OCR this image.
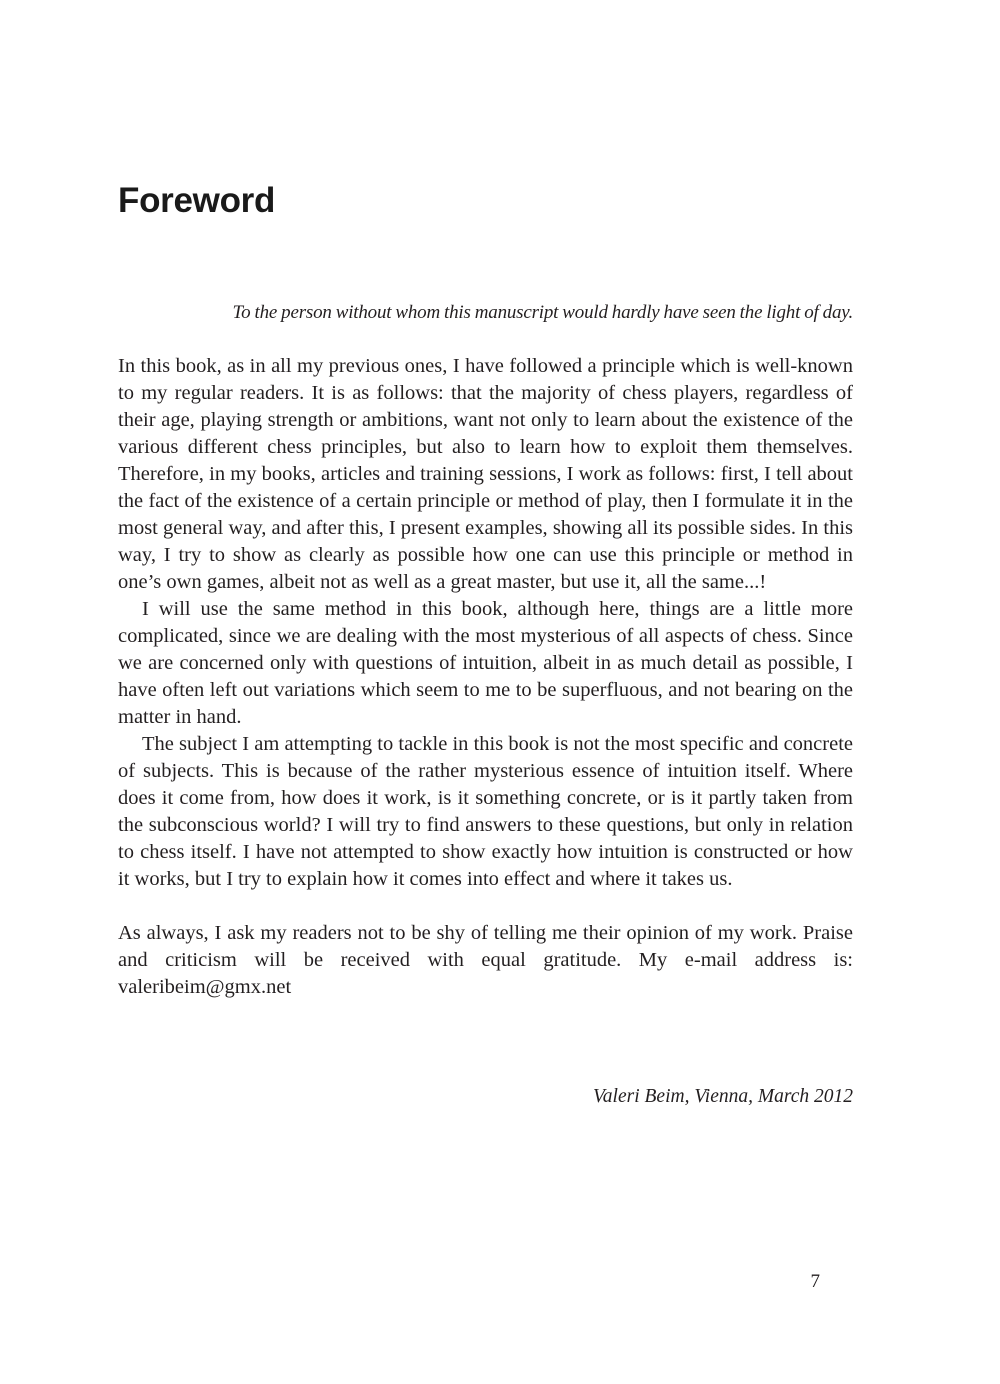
Foreword

To the person without whom this manuscript would hardly have seen the light of day.

In this book, as in all my previous ones, I have followed a principle which is well-known to my regular readers. It is as follows: that the majority of chess players, regardless of their age, playing strength or ambitions, want not only to learn about the existence of the various different chess principles, but also to learn how to exploit them themselves. Therefore, in my books, articles and training sessions, I work as follows: first, I tell about the fact of the existence of a certain principle or method of play, then I formulate it in the most general way, and after this, I present examples, showing all its possible sides. In this way, I try to show as clearly as possible how one can use this principle or method in one’s own games, albeit not as well as a great master, but use it, all the same...!

I will use the same method in this book, although here, things are a little more complicated, since we are dealing with the most mysterious of all aspects of chess. Since we are concerned only with questions of intuition, albeit in as much detail as possible, I have often left out variations which seem to me to be superfluous, and not bearing on the matter in hand.

The subject I am attempting to tackle in this book is not the most specific and concrete of subjects. This is because of the rather mysterious essence of intuition itself. Where does it come from, how does it work, is it something concrete, or is it partly taken from the subconscious world? I will try to find answers to these questions, but only in relation to chess itself. I have not attempted to show exactly how intuition is constructed or how it works, but I try to explain how it comes into effect and where it takes us.

As always, I ask my readers not to be shy of telling me their opinion of my work. Praise and criticism will be received with equal gratitude. My e-mail address is: valeribeim@gmx.net

Valeri Beim, Vienna, March 2012

7
